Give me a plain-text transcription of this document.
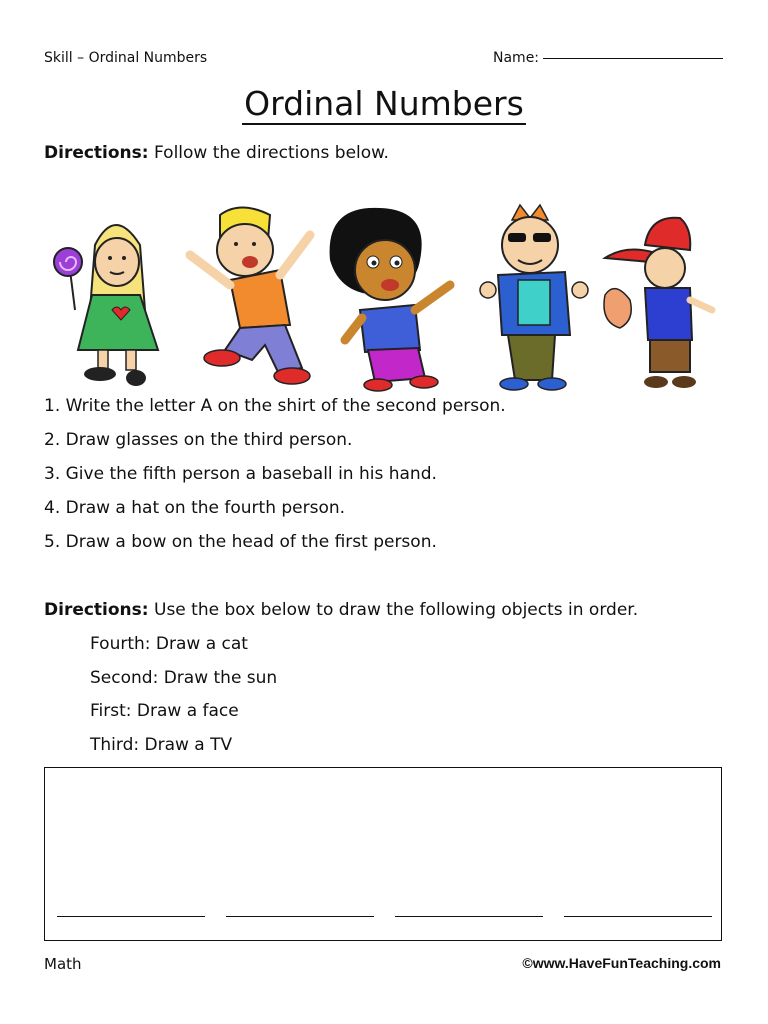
Skill – Ordinal Numbers	Name:
Ordinal Numbers
Directions: Follow the directions below.
1. Write the letter A on the shirt of the second person.
2. Draw glasses on the third person.
3. Give the fifth person a baseball in his hand.
4. Draw a hat on the fourth person.
5. Draw a bow on the head of the first person.
Directions: Use the box below to draw the following objects in order.
Fourth: Draw a cat
Second: Draw the sun
First: Draw a face
Third: Draw a TV
Math	©www.HaveFunTeaching.com
